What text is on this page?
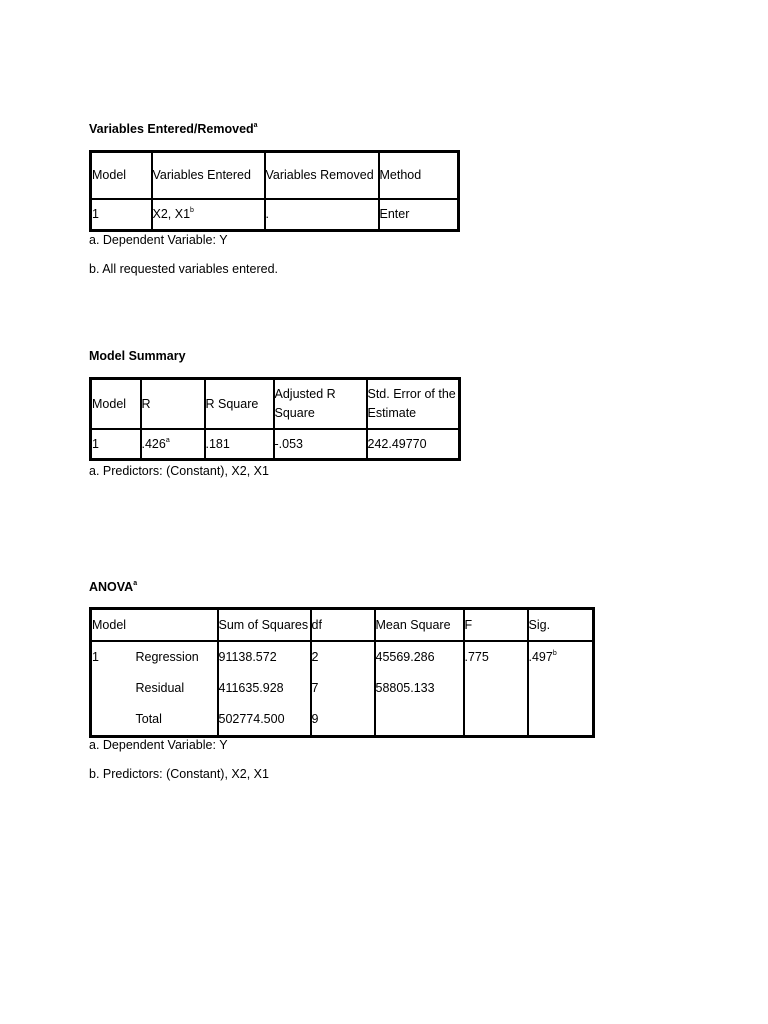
Variables Entered/Removed$^a$
Model	Variables Entered	Variables Removed	Method
1	X2, X1$^b$	.	Enter
a. Dependent Variable: Y
b. All requested variables entered.
Model Summary
Model	R	R Square	Adjusted R Square	Std. Error of the Estimate
1	.426$^a$	.181	-.053	242.49770
a. Predictors: (Constant), X2, X1
ANOVA$^a$
Model		Sum of Squares	df	Mean Square	F	Sig.
1	Regression	91138.572	2	45569.286	.775	.497$^b$
	Residual	411635.928	7	58805.133		
	Total	502774.500	9			
a. Dependent Variable: Y
b. Predictors: (Constant), X2, X1
